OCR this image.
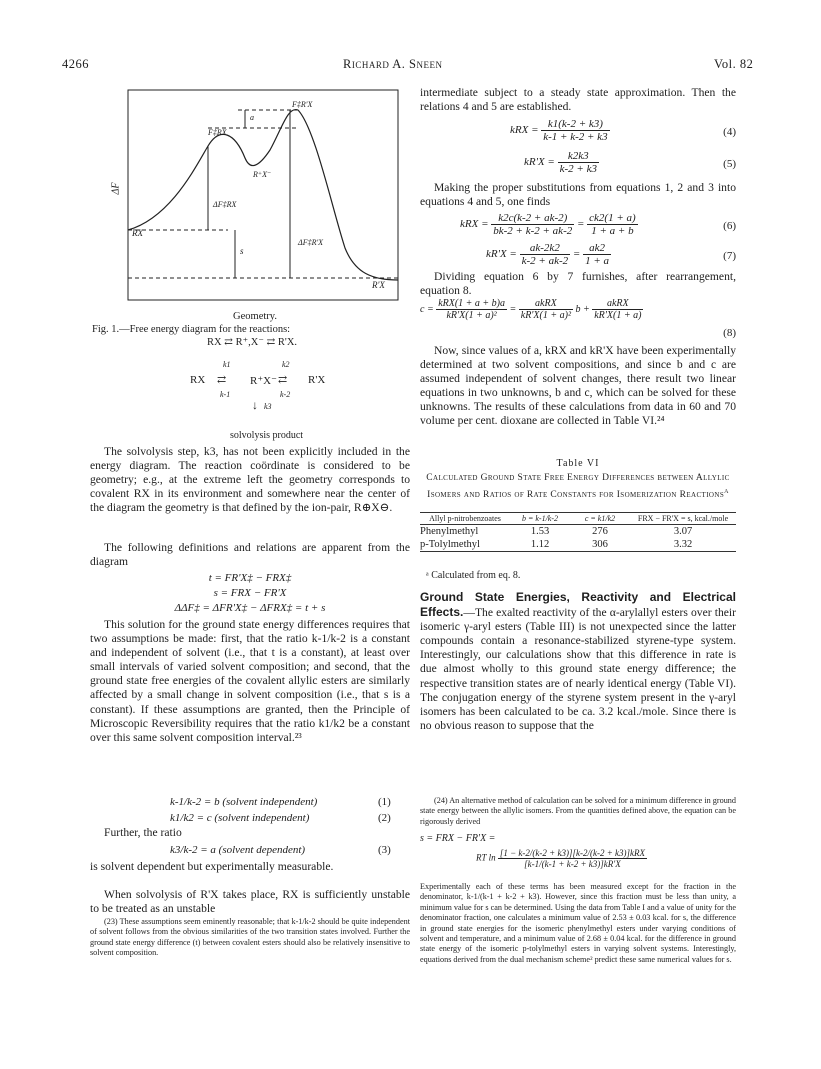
4266	Richard A. Sneen	Vol. 82
ΔF
F‡RX
F‡R'X
a
R⁺X⁻
ΔF‡RX
ΔF‡R'X
s
RX
R'X
Geometry.
Fig. 1.—Free energy diagram for the reactions:
RX ⇄ R⁺,X⁻ ⇄ R'X.
RX	R⁺X⁻	R'X
k1
k-1
k2
k-2
⇄	⇄
↓ k3
solvolysis product

The solvolysis step, k3, has not been explicitly included in the energy diagram. The reaction coördinate is considered to be geometry; e.g., at the extreme left the geometry corresponds to covalent RX in its environment and somewhere near the center of the diagram the geometry is that defined by the ion-pair, R⊕X⊖.

The following definitions and relations are apparent from the diagram

t = FR'X‡ − FRX‡
s = FRX − FR'X
ΔΔF‡ = ΔFR'X‡ − ΔFRX‡ = t + s

This solution for the ground state energy differences requires that two assumptions be made: first, that the ratio k-1/k-2 is a constant and independent of solvent (i.e., that t is a constant), at least over small intervals of varied solvent composition; and second, that the ground state free energies of the covalent allylic esters are similarly affected by a small change in solvent composition (i.e., that s is a constant). If these assumptions are granted, then the Principle of Microscopic Reversibility requires that the ratio k1/k2 be a constant over this same solvent composition interval.²³

k-1/k-2 = b (solvent independent)	(1)
k1/k2 = c (solvent independent)	(2)

Further, the ratio

k3/k-2 = a (solvent dependent)	(3)

is solvent dependent but experimentally measurable.

When solvolysis of R'X takes place, RX is sufficiently unstable to be treated as an unstable

(23) These assumptions seem eminently reasonable; that k-1/k-2 should be quite independent of solvent follows from the obvious similarities of the two transition states involved. Further the ground state energy difference (t) between covalent esters should also be relatively insensitive to solvent composition.

intermediate subject to a steady state approximation. Then the relations 4 and 5 are established.

kRX = $\frac{k1(k-2 + k3)}{k-1 + k-2 + k3}$	(4)
$kR'X = \frac{k2k3}{k-2 + k3}$	(5)

Making the proper substitutions from equations 1, 2 and 3 into equations 4 and 5, one finds

kRX = $\frac{k2c(k-2 + ak-2)}{bk-2 + k-2 + ak-2} = \frac{ck2(1 + a)}{1 + a + b}$	(6)
$kR'X = \frac{ak-2k2}{k-2 + ak-2} = \frac{ak2}{1 + a}$	(7)

Dividing equation 6 by 7 furnishes, after rearrangement, equation 8.

$c = \frac{\text{kRX(1 + a + b)a}}{\text{kR'X(1 + a)²}} = \frac{\text{akRX}}{\text{kR'X(1 + a)²}}$ $b + \frac{\text{akRX}}{kR'X(1 + a)}$
(8)

Now, since values of a, kRX and kR'X have been experimentally determined at two solvent compositions, and since b and c are assumed independent of solvent changes, there result two linear equations in two unknowns, b and c, which can be solved for these unknowns. The results of these calculations from data in 60 and 70 volume per cent. dioxane are collected in Table VI.²⁴

Table VI
Calculated Ground State Free Energy Differences between Allylic Isomers and Ratios of Rate Constants for Isomerization Reactions$^a$
Allyl p-nitrobenzoates	b = k-1/k-2	c = k1/k2	FRX − FR'X = s, kcal./mole
Phenylmethyl	1.53	276	3.07
p-Tolylmethyl	1.12	306	3.32
ᵃ Calculated from eq. 8.

Ground State Energies, Reactivity and Electrical Effects.—The exalted reactivity of the α-arylallyl esters over their isomeric γ-aryl esters (Table III) is not unexpected since the latter compounds contain a resonance-stabilized styrene-type system. Interestingly, our calculations show that this difference in rate is due almost wholly to this ground state energy difference; the respective transition states are of nearly identical energy (Table VI). The conjugation energy of the styrene system present in the γ-aryl isomers has been calculated to be ca. 3.2 kcal./mole. Since there is no obvious reason to suppose that the

(24) An alternative method of calculation can be solved for a minimum difference in ground state energy between the allylic isomers. From the quantities defined above, the equation can be rigorously derived

s = FRX − FR'X =
RT $\ln \frac{\text{[1 − k-2/(k-2 + k3)][k-2/(k-2 + k3)]kRX}}{[k-1/(k-1 + k-2 + k3)]kR'X}$

Experimentally each of these terms has been measured except for the fraction in the denominator, k-1/(k-1 + k-2 + k3). However, since this fraction must be less than unity, a minimum value for s can be determined. Using the data from Table I and a value of unity for the denominator fraction, one calculates a minimum value of 2.53 ± 0.03 kcal. for s, the difference in ground state energies for the isomeric phenylmethyl esters under varying conditions of solvent and temperature, and a minimum value of 2.68 ± 0.04 kcal. for the difference in ground state energy of the isomeric p-tolylmethyl esters in varying solvent systems. Interestingly, equations derived from the dual mechanism scheme² predict these same numerical values for s.
